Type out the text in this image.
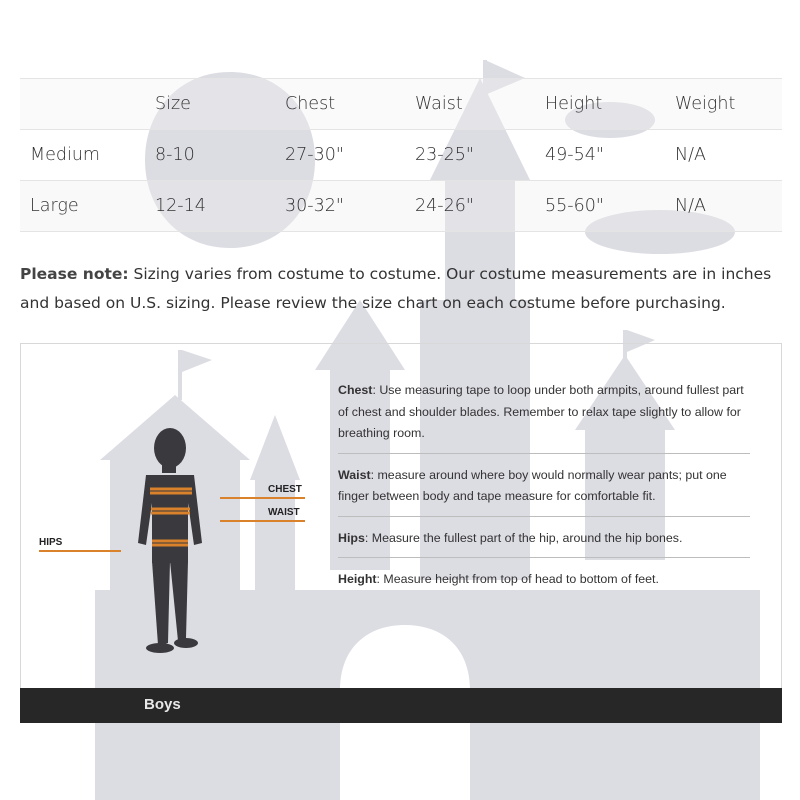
	Size	Chest	Waist	Height	Weight
Medium	8-10	27-30"	23-25"	49-54"	N/A
Large	12-14	30-32"	24-26"	55-60"	N/A
Please note: Sizing varies from costume to costume. Our costume measurements are in inches and based on U.S. sizing. Please review the size chart on each costume before purchasing.
CHEST
WAIST
HIPS
Chest: Use measuring tape to loop under both armpits, around fullest part of chest and shoulder blades. Remember to relax tape slightly to allow for breathing room.
Waist: measure around where boy would normally wear pants; put one finger between body and tape measure for comfortable fit.
Hips: Measure the fullest part of the hip, around the hip bones.
Height: Measure height from top of head to bottom of feet.
Boys
